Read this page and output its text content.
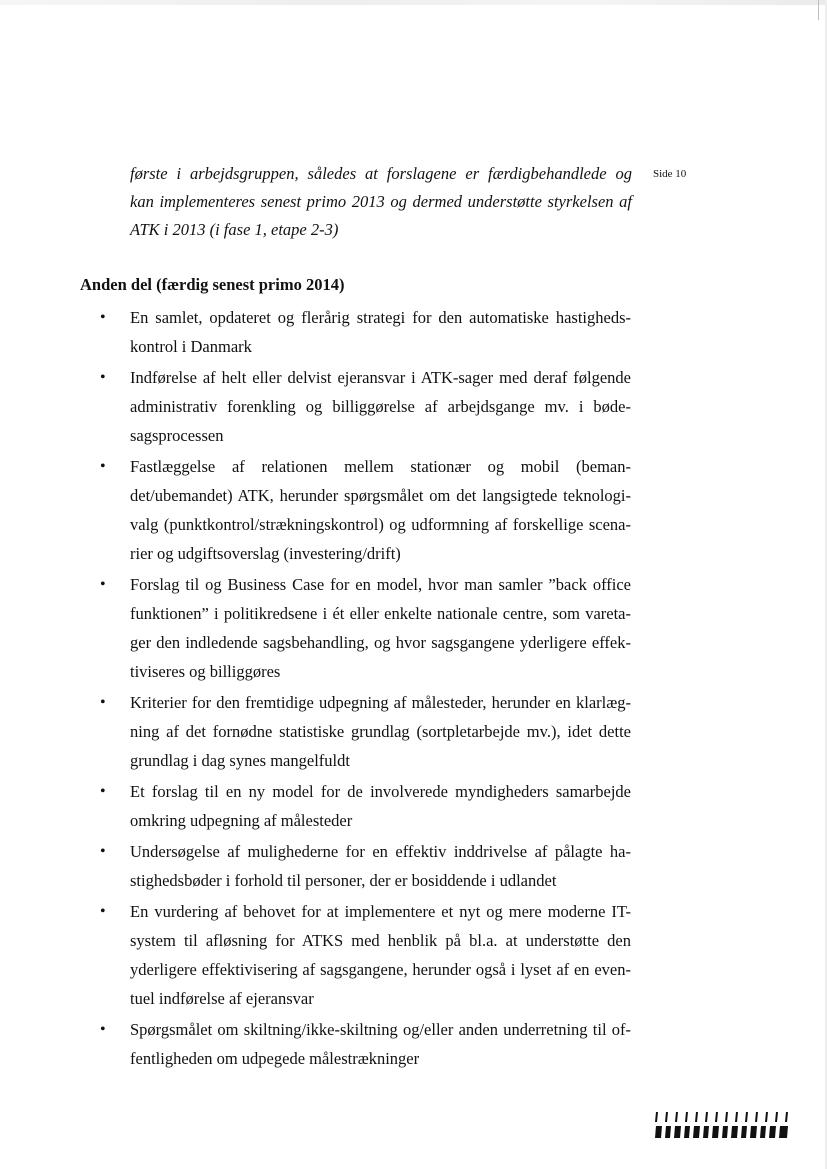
første i arbejdsgruppen, således at forslagene er færdigbehandlede og
kan implementeres senest primo 2013 og dermed understøtte styrkelsen af
ATK i 2013 (i fase 1, etape 2-3)
Side 10
Anden del (færdig senest primo 2014)
• En samlet, opdateret og flerårig strategi for den automatiske hastighedskontrol i Danmark
• Indførelse af helt eller delvist ejeransvar i ATK-sager med deraf følgende administrativ forenkling og billiggørelse af arbejdsgange mv. i bødesagsprocessen
• Fastlæggelse af relationen mellem stationær og mobil (bemandet/ubemandet) ATK, herunder spørgsmålet om det langsigtede teknologivalg (punktkontrol/strækningskontrol) og udformning af forskellige scenarier og udgiftsoverslag (investering/drift)
• Forslag til og Business Case for en model, hvor man samler ”back office funktionen” i politikredsene i ét eller enkelte nationale centre, som varetager den indledende sagsbehandling, og hvor sagsgangene yderligere effektiviseres og billiggøres
• Kriterier for den fremtidige udpegning af målesteder, herunder en klarlægning af det fornødne statistiske grundlag (sortpletarbejde mv.), idet dette grundlag i dag synes mangelfuldt
• Et forslag til en ny model for de involverede myndigheders samarbejde omkring udpegning af målesteder
• Undersøgelse af mulighederne for en effektiv inddrivelse af pålagte hastighedsbøder i forhold til personer, der er bosiddende i udlandet
• En vurdering af behovet for at implementere et nyt og mere moderne IT-system til afløsning for ATKS med henblik på bl.a. at understøtte den yderligere effektivisering af sagsgangene, herunder også i lyset af en eventuel indførelse af ejeransvar
• Spørgsmålet om skiltning/ikke-skiltning og/eller anden underretning til offentligheden om udpegede målestrækninger
